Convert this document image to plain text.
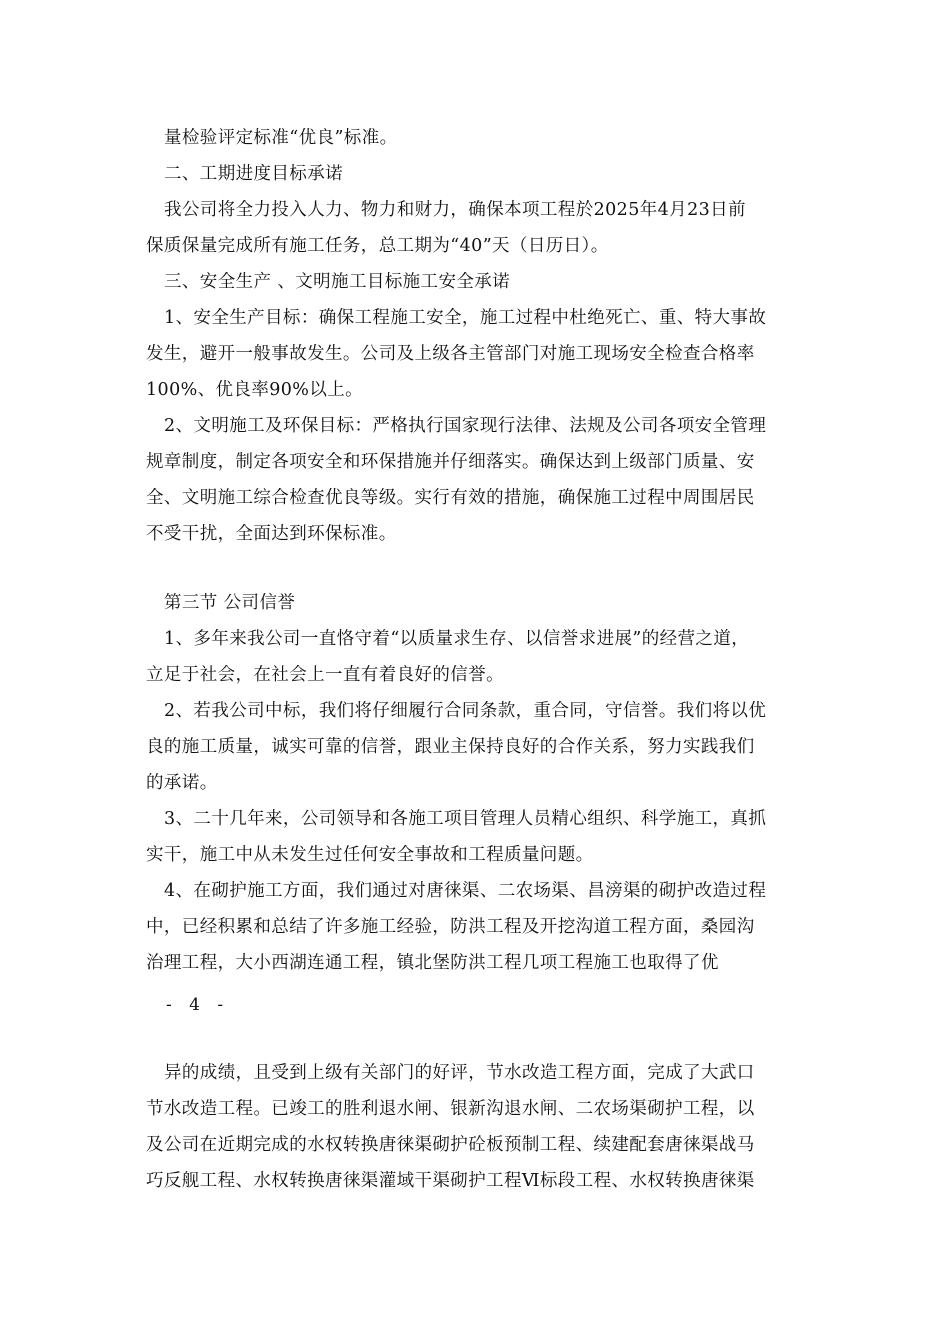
量检验评定标准“优良”标准。
二、工期进度目标承诺
我公司将全力投入人力、物力和财力，确保本项工程於2025年4月23日前
保质保量完成所有施工任务，总工期为“40”天（日历日）。
三、安全生产 、文明施工目标施工安全承诺
1、安全生产目标：确保工程施工安全，施工过程中杜绝死亡、重、特大事故
发生，避开一般事故发生。公司及上级各主管部门对施工现场安全检查合格率
100%、优良率90%以上。
2、文明施工及环保目标：严格执行国家现行法律、法规及公司各项安全管理
规章制度，制定各项安全和环保措施并仔细落实。确保达到上级部门质量、安
全、文明施工综合检查优良等级。实行有效的措施，确保施工过程中周围居民
不受干扰，全面达到环保标准。
第三节 公司信誉
1、多年来我公司一直恪守着“以质量求生存、以信誉求进展”的经营之道，
立足于社会，在社会上一直有着良好的信誉。
2、若我公司中标，我们将仔细履行合同条款，重合同，守信誉。我们将以优
良的施工质量，诚实可靠的信誉，跟业主保持良好的合作关系，努力实践我们
的承诺。
3、二十几年来，公司领导和各施工项目管理人员精心组织、科学施工，真抓
实干，施工中从未发生过任何安全事故和工程质量问题。
4、在砌护施工方面，我们通过对唐徕渠、二农场渠、昌滂渠的砌护改造过程
中，已经积累和总结了许多施工经验，防洪工程及开挖沟道工程方面，桑园沟
治理工程，大小西湖连通工程，镇北堡防洪工程几项工程施工也取得了优
- 4 -
异的成绩，且受到上级有关部门的好评，节水改造工程方面，完成了大武口
节水改造工程。已竣工的胜利退水闸、银新沟退水闸、二农场渠砌护工程，以
及公司在近期完成的水权转换唐徕渠砌护砼板预制工程、续建配套唐徕渠战马
巧反舰工程、水权转换唐徕渠灌域干渠砌护工程Ⅵ标段工程、水权转换唐徕渠
